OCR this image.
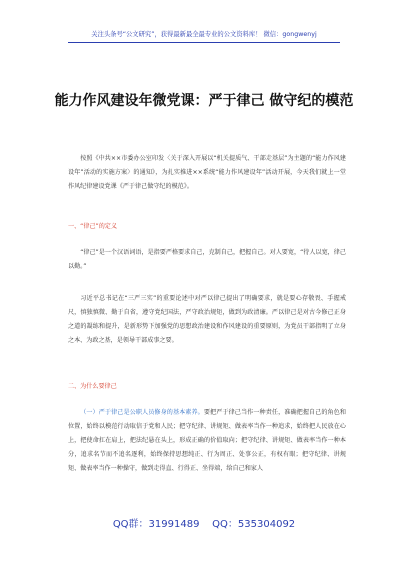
关注头条号“公文研究”，获得最新最全最专业的公文资料库！ 微信：gongwenyj
能力作风建设年微党课：严于律己 做守纪的模范

按照《中共××市委办公室印发〈关于深入开展以“机关提质气、干部走基层”为主题的“能力作风建设年”活动的实施方案〉的通知》，为扎实推进××系统“能力作风建设年”活动开展，今天我们就上一堂作风纪律建设党课《严于律己做守纪的模范》。

一、“律己”的定义

“律己”是一个汉语词语，是指要严格要求自己，克制自己，把握自己。对人要宽，“待人以宽，律己以勤。”

习近平总书记在“三严三实”的重要论述中对严以律己提出了明确要求，就是要心存敬畏、手握戒尺，慎独慎微、勤于自省，遵守党纪国法，严守政治规矩，做到为政清廉。严以律己是对古今修己正身之道的凝练和提升，是新形势下加强党的思想政治建设和作风建设的重要原则，为党员干部指明了立身之本、为政之基，是领导干部成事之要。

二、为什么要律己

（一）严于律己是公职人员修身的基本素养。要把严于律己当作一种责任，准确把握自己的角色和位置，始终以模范行动取信于党和人民；把守纪律、讲规矩、做表率当作一种追求，始终把人民放在心上，把使命扛在肩上，把法纪悬在头上，形成正确的价值取向；把守纪律、讲规矩、做表率当作一种本分，追求名节而不追名逐利，始终保持思想纯正、行为周正、处事公正，有权有眼；把守纪律、讲规矩、做表率当作一种操守，做到走得直、行得正、坐得端，给自己和家人

QQ群：31991489 QQ：535304092
